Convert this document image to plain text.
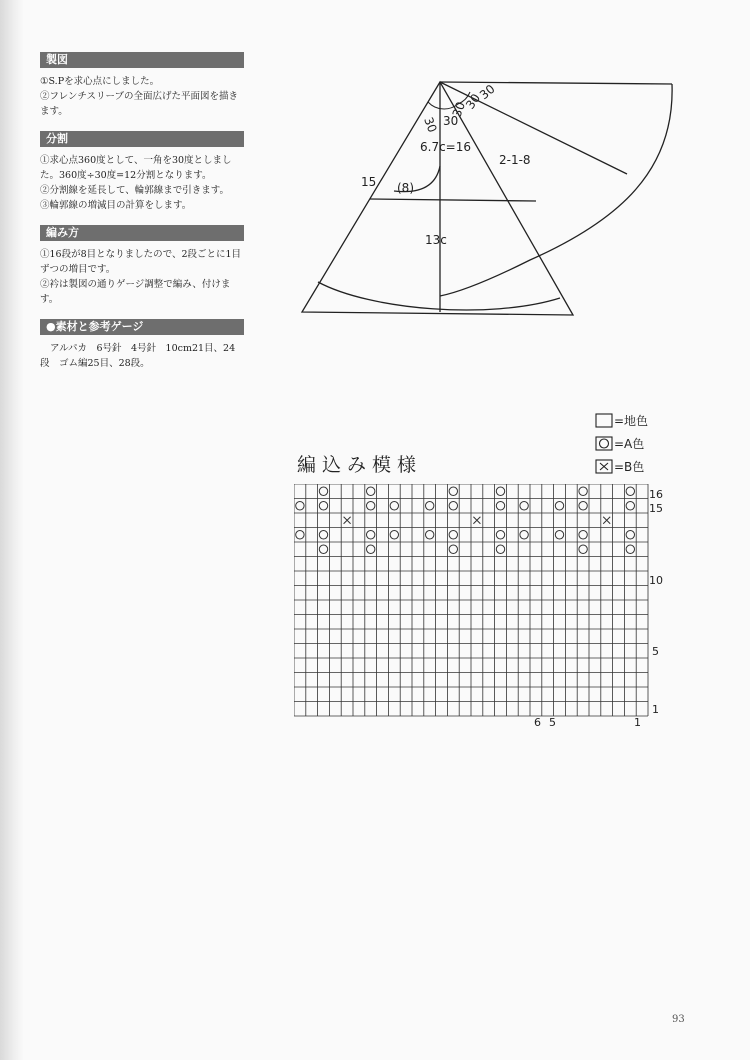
製図

①S.Pを求心点にしました。

②フレンチスリーブの全面広げた平面図を描きます。

分割

①求心点360度として、一角を30度としました。360度÷30度=12分割となります。

②分割線を延長して、輪郭線まで引きます。

③輪郭線の増減目の計算をします。

編み方

①16段が8目となりましたので、2段ごとに1目ずつの増目です。

②衿は製図の通りゲージ調整で編み、付けます。

●素材と参考ゲージ

アルパカ　6号針　4号針　10cm21目、24段　ゴム編25目、28段。

30 30
30
30
30
6.7c=16
2-1-8
15 (8)
13c
=地色
=A色
=B色
編込み模様
16
15
10
5
1
6 5	1
93
